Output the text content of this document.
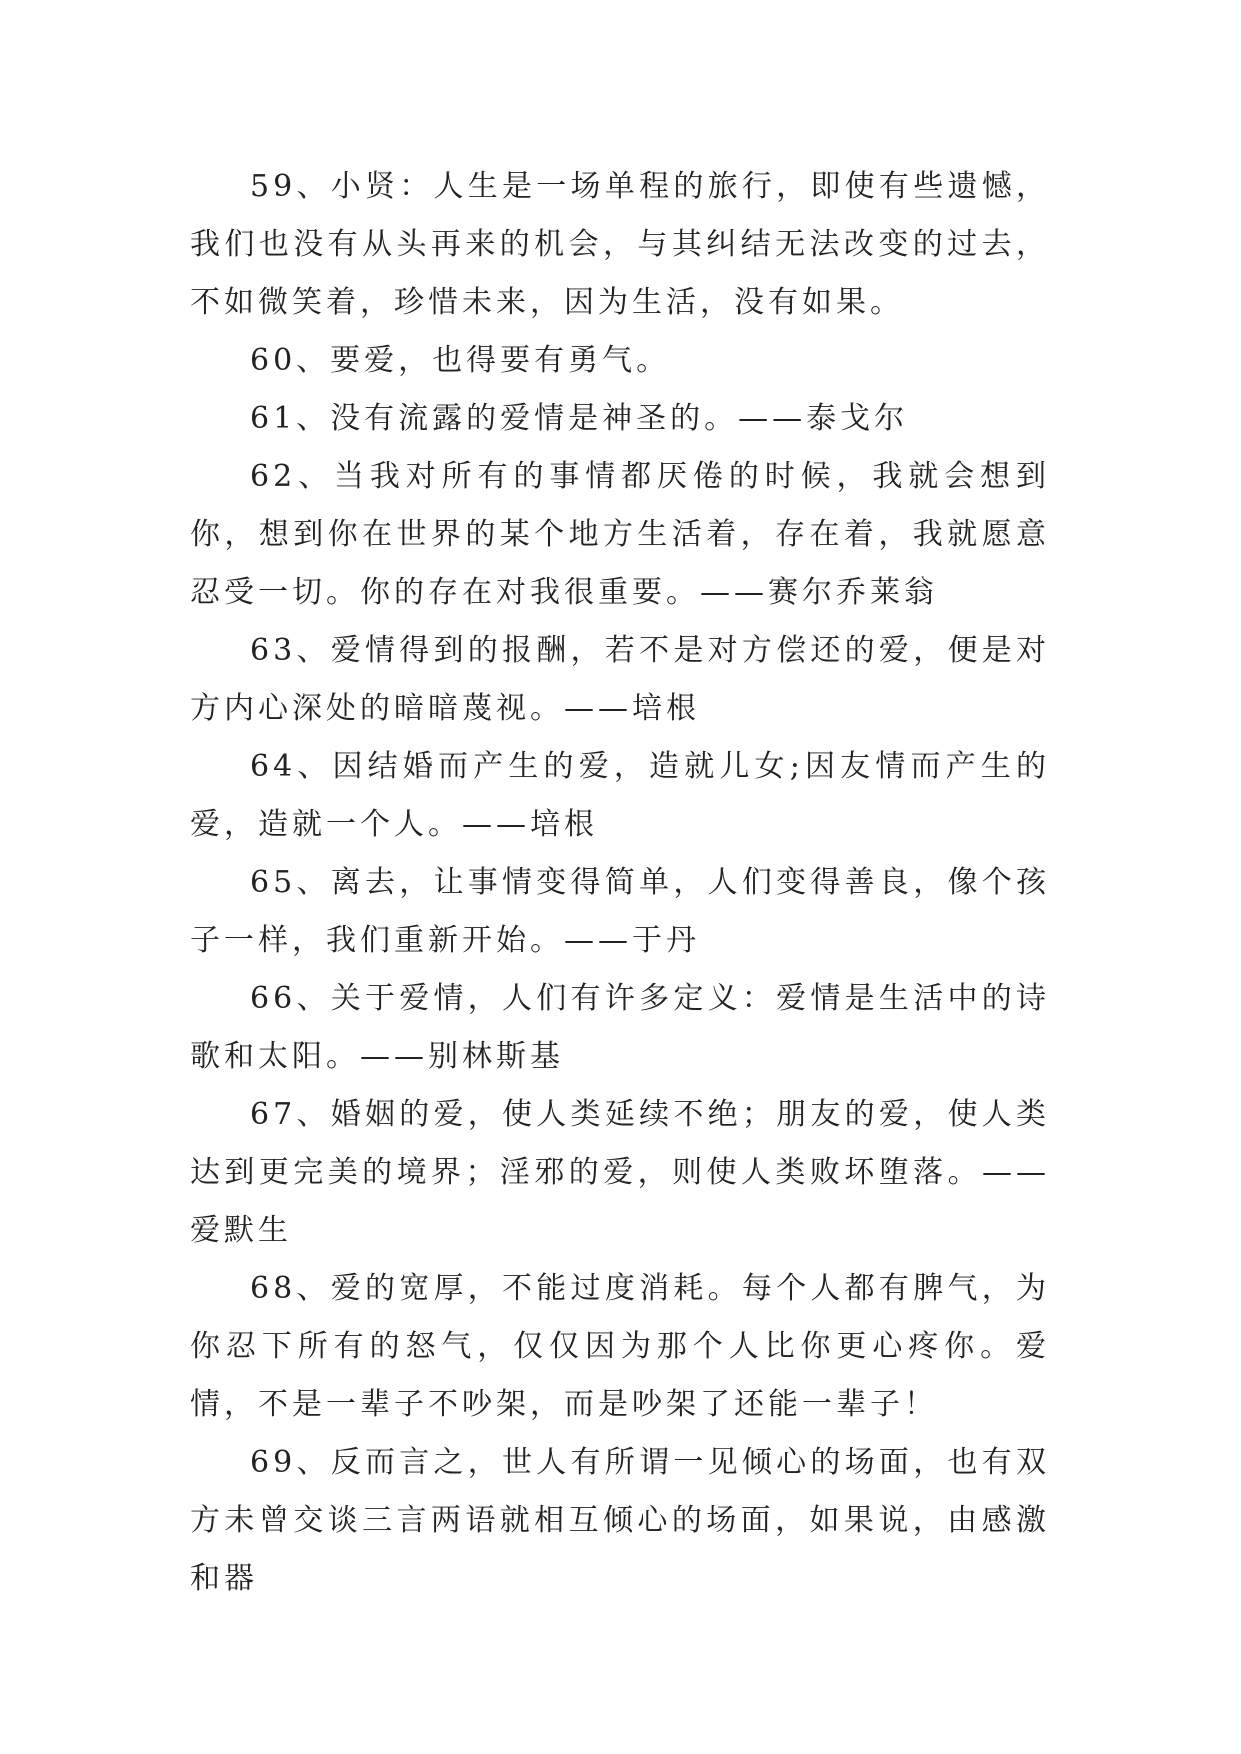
59、小贤：人生是一场单程的旅行，即使有些遗憾，我们也没有从头再来的机会，与其纠结无法改变的过去，不如微笑着，珍惜未来，因为生活，没有如果。

60、要爱，也得要有勇气。

61、没有流露的爱情是神圣的。——泰戈尔

62、当我对所有的事情都厌倦的时候，我就会想到你，想到你在世界的某个地方生活着，存在着，我就愿意忍受一切。你的存在对我很重要。——赛尔乔莱翁

63、爱情得到的报酬，若不是对方偿还的爱，便是对方内心深处的暗暗蔑视。——培根

64、因结婚而产生的爱，造就儿女;因友情而产生的爱，造就一个人。——培根

65、离去，让事情变得简单，人们变得善良，像个孩子一样，我们重新开始。——于丹

66、关于爱情，人们有许多定义：爱情是生活中的诗歌和太阳。——别林斯基

67、婚姻的爱，使人类延续不绝；朋友的爱，使人类达到更完美的境界；淫邪的爱，则使人类败坏堕落。——爱默生

68、爱的宽厚，不能过度消耗。每个人都有脾气，为你忍下所有的怒气，仅仅因为那个人比你更心疼你。爱情，不是一辈子不吵架，而是吵架了还能一辈子！

69、反而言之，世人有所谓一见倾心的场面，也有双方未曾交谈三言两语就相互倾心的场面，如果说，由感激和器
